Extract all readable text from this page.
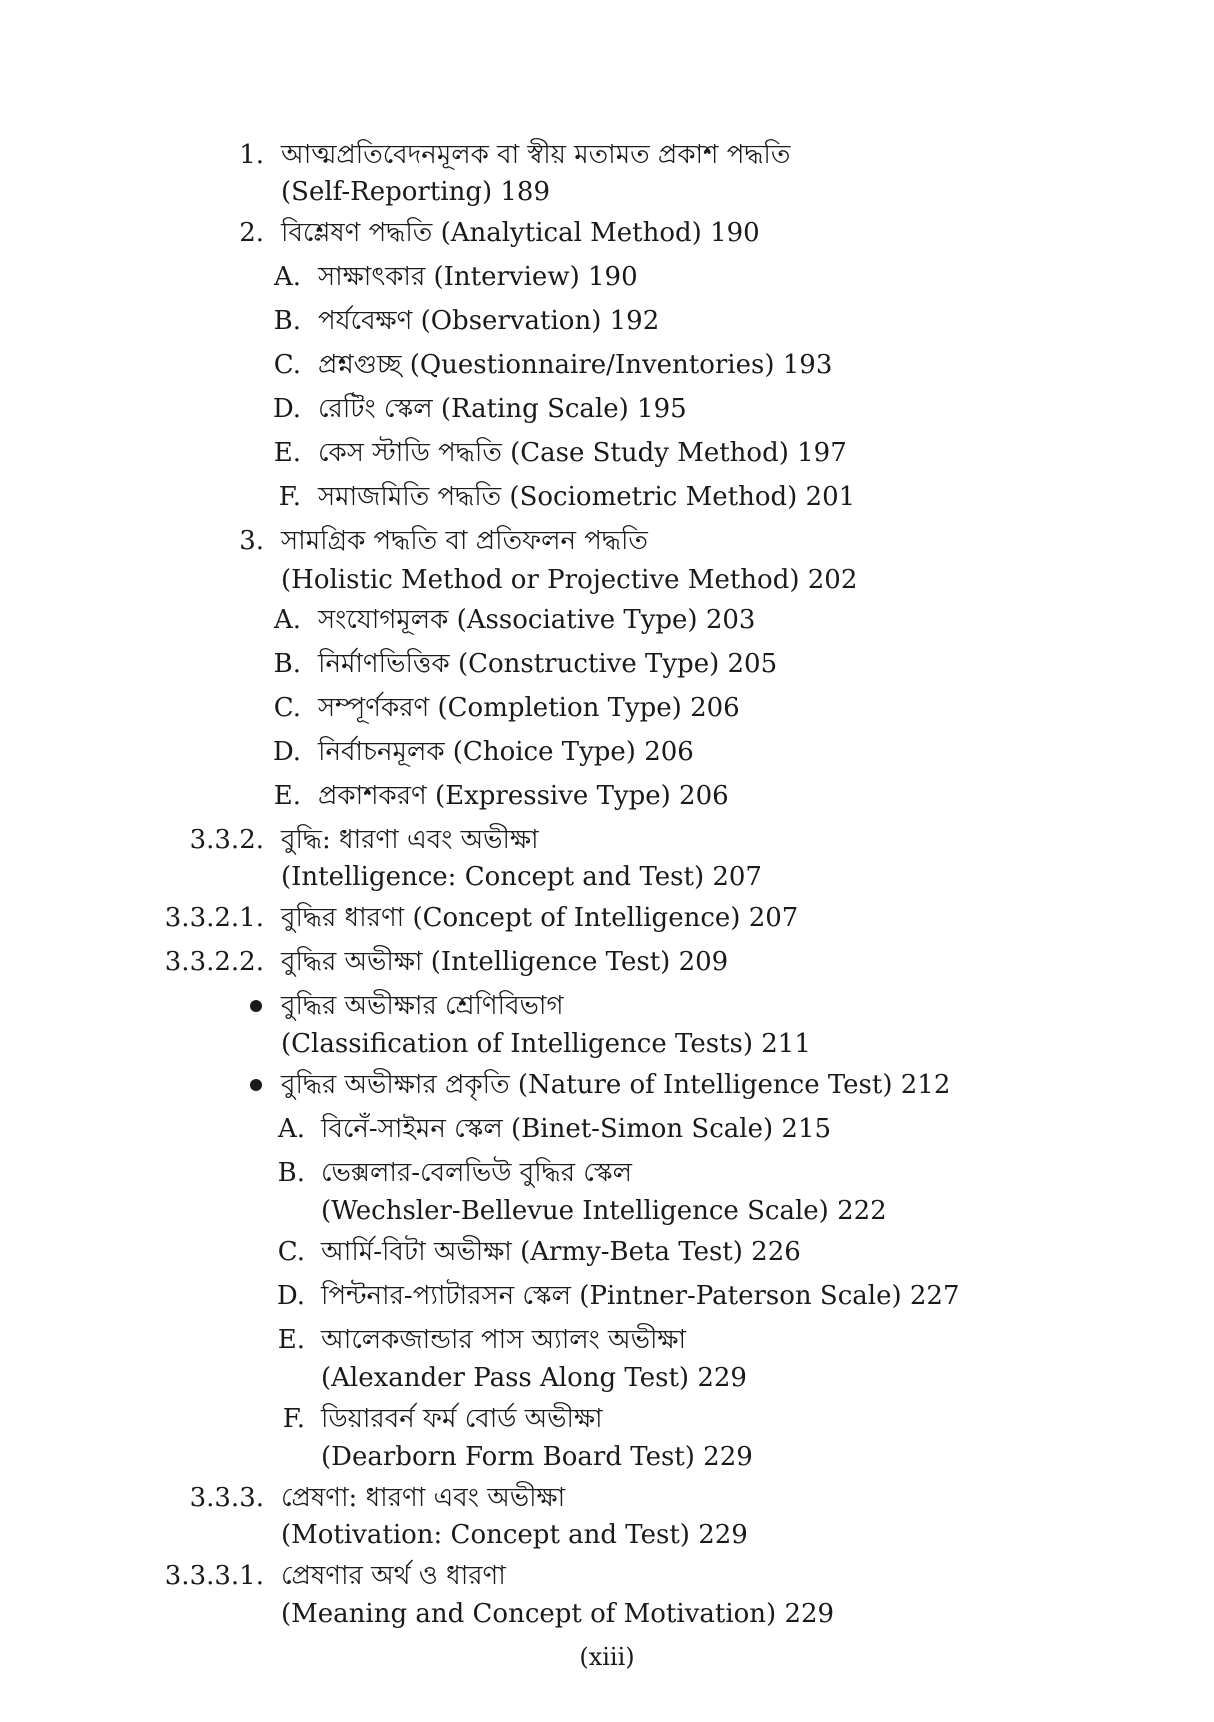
1. আত্মপ্রতিবেদনমূলক বা স্বীয় মতামত প্রকাশ পদ্ধতি
(Self-Reporting) 189
2. বিশ্লেষণ পদ্ধতি (Analytical Method) 190
A. সাক্ষাৎকার (Interview) 190
B. পর্যবেক্ষণ (Observation) 192
C. প্রশ্নগুচ্ছ (Questionnaire/Inventories) 193
D. রেটিং স্কেল (Rating Scale) 195
E. কেস স্টাডি পদ্ধতি (Case Study Method) 197
F. সমাজমিতি পদ্ধতি (Sociometric Method) 201
3. সামগ্রিক পদ্ধতি বা প্রতিফলন পদ্ধতি
(Holistic Method or Projective Method) 202
A. সংযোগমূলক (Associative Type) 203
B. নির্মাণভিত্তিক (Constructive Type) 205
C. সম্পূর্ণকরণ (Completion Type) 206
D. নির্বাচনমূলক (Choice Type) 206
E. প্রকাশকরণ (Expressive Type) 206
3.3.2. বুদ্ধি: ধারণা এবং অভীক্ষা
(Intelligence: Concept and Test) 207
3.3.2.1. বুদ্ধির ধারণা (Concept of Intelligence) 207
3.3.2.2. বুদ্ধির অভীক্ষা (Intelligence Test) 209
বুদ্ধির অভীক্ষার শ্রেণিবিভাগ
(Classification of Intelligence Tests) 211
বুদ্ধির অভীক্ষার প্রকৃতি (Nature of Intelligence Test) 212
A. বিনেঁ-সাইমন স্কেল (Binet-Simon Scale) 215
B. ভেক্সলার-বেলভিউ বুদ্ধির স্কেল
(Wechsler-Bellevue Intelligence Scale) 222
C. আর্মি-বিটা অভীক্ষা (Army-Beta Test) 226
D. পিন্টনার-প্যাটারসন স্কেল (Pintner-Paterson Scale) 227
E. আলেকজান্ডার পাস অ্যালং অভীক্ষা
(Alexander Pass Along Test) 229
F. ডিয়ারবর্ন ফর্ম বোর্ড অভীক্ষা
(Dearborn Form Board Test) 229
3.3.3. প্রেষণা: ধারণা এবং অভীক্ষা
(Motivation: Concept and Test) 229
3.3.3.1. প্রেষণার অর্থ ও ধারণা
(Meaning and Concept of Motivation) 229
(xiii)
